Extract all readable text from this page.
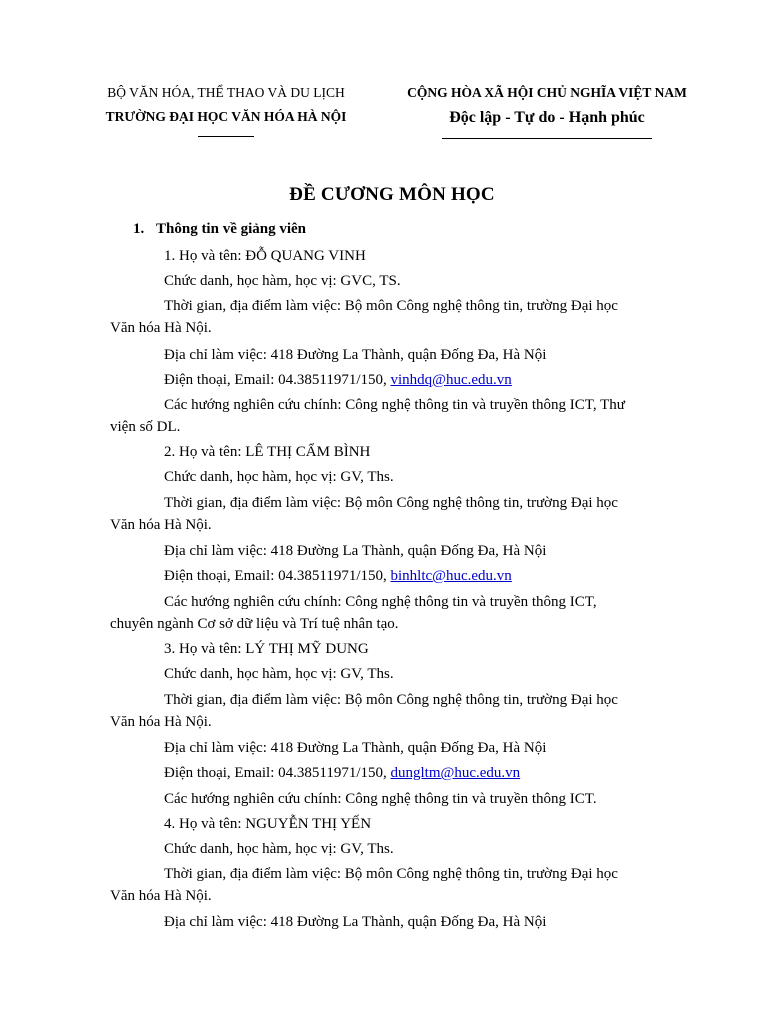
BỘ VĂN HÓA, THỂ THAO VÀ DU LỊCH
TRƯỜNG ĐẠI HỌC VĂN HÓA HÀ NỘI
CỘNG HÒA XÃ HỘI CHỦ NGHĨA VIỆT NAM
Độc lập - Tự do - Hạnh phúc
ĐỀ CƯƠNG MÔN HỌC
1. Thông tin về giảng viên
1. Họ và tên: ĐỖ QUANG VINH
Chức danh, học hàm, học vị: GVC, TS.
Thời gian, địa điểm làm việc: Bộ môn Công nghệ thông tin, trường Đại học
Văn hóa Hà Nội.
Địa chỉ làm việc: 418 Đường La Thành, quận Đống Đa, Hà Nội
Điện thoại, Email: 04.38511971/150, vinhdq@huc.edu.vn
Các hướng nghiên cứu chính: Công nghệ thông tin và truyền thông ICT, Thư
viện số DL.
2. Họ và tên: LÊ THỊ CẨM BÌNH
Chức danh, học hàm, học vị: GV, Ths.
Thời gian, địa điểm làm việc: Bộ môn Công nghệ thông tin, trường Đại học
Văn hóa Hà Nội.
Địa chỉ làm việc: 418 Đường La Thành, quận Đống Đa, Hà Nội
Điện thoại, Email: 04.38511971/150, binhltc@huc.edu.vn
Các hướng nghiên cứu chính: Công nghệ thông tin và truyền thông ICT,
chuyên ngành Cơ sở dữ liệu và Trí tuệ nhân tạo.
3. Họ và tên: LÝ THỊ MỸ DUNG
Chức danh, học hàm, học vị: GV, Ths.
Thời gian, địa điểm làm việc: Bộ môn Công nghệ thông tin, trường Đại học
Văn hóa Hà Nội.
Địa chỉ làm việc: 418 Đường La Thành, quận Đống Đa, Hà Nội
Điện thoại, Email: 04.38511971/150, dungltm@huc.edu.vn
Các hướng nghiên cứu chính: Công nghệ thông tin và truyền thông ICT.
4. Họ và tên: NGUYỄN THỊ YẾN
Chức danh, học hàm, học vị: GV, Ths.
Thời gian, địa điểm làm việc: Bộ môn Công nghệ thông tin, trường Đại học
Văn hóa Hà Nội.
Địa chỉ làm việc: 418 Đường La Thành, quận Đống Đa, Hà Nội
